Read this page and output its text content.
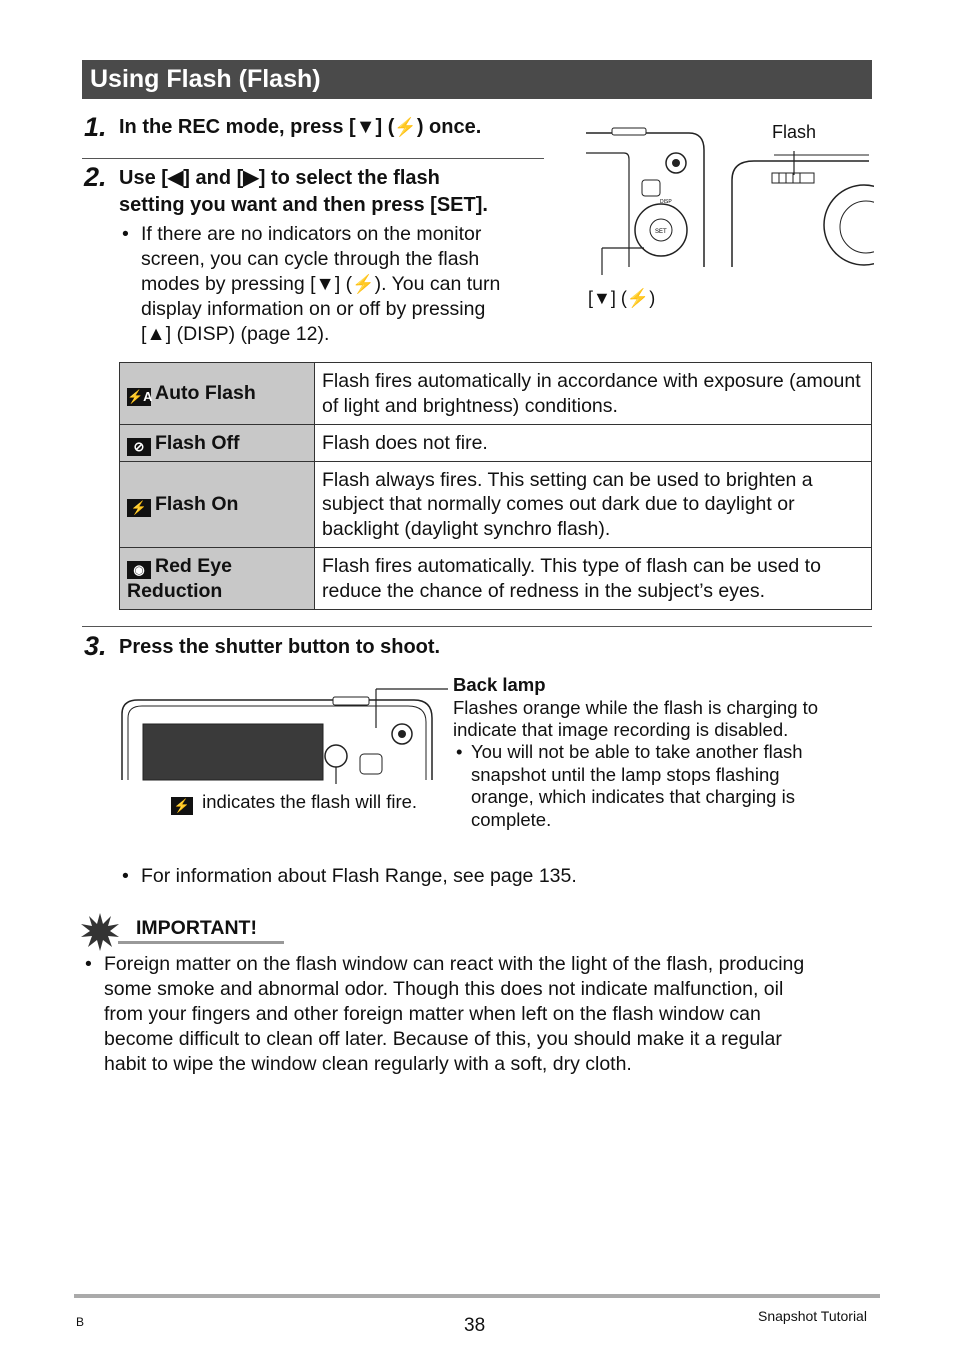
Using Flash (Flash)
1. In the REC mode, press [▼] (⚡) once.
2. Use [◀] and [▶] to select the flash
setting you want and then press [SET].
• If there are no indicators on the monitor
screen, you can cycle through the flash
modes by pressing [▼] (⚡). You can turn
display information on or off by pressing
[▲] (DISP) (page 12).
SET
DISP
Flash
[▼] (⚡)
⚡A Auto Flash	Flash fires automatically in accordance with exposure (amount of light and brightness) conditions.
⊘ Flash Off	Flash does not fire.
⚡ Flash On	Flash always fires. This setting can be used to brighten a subject that normally comes out dark due to daylight or backlight (daylight synchro flash).
◉ Red Eye
Reduction	Flash fires automatically. This type of flash can be used to reduce the chance of redness in the subject’s eyes.
3. Press the shutter button to shoot.
⚡ indicates the flash will fire.
Back lamp
Flashes orange while the flash is charging to
indicate that image recording is disabled.
• You will not be able to take another flash
snapshot until the lamp stops flashing
orange, which indicates that charging is
complete.
• For information about Flash Range, see page 135.
IMPORTANT!
• Foreign matter on the flash window can react with the light of the flash, producing
some smoke and abnormal odor. Though this does not indicate malfunction, oil
from your fingers and other foreign matter when left on the flash window can
become difficult to clean off later. Because of this, you should make it a regular
habit to wipe the window clean regularly with a soft, dry cloth.
B	38	Snapshot Tutorial
